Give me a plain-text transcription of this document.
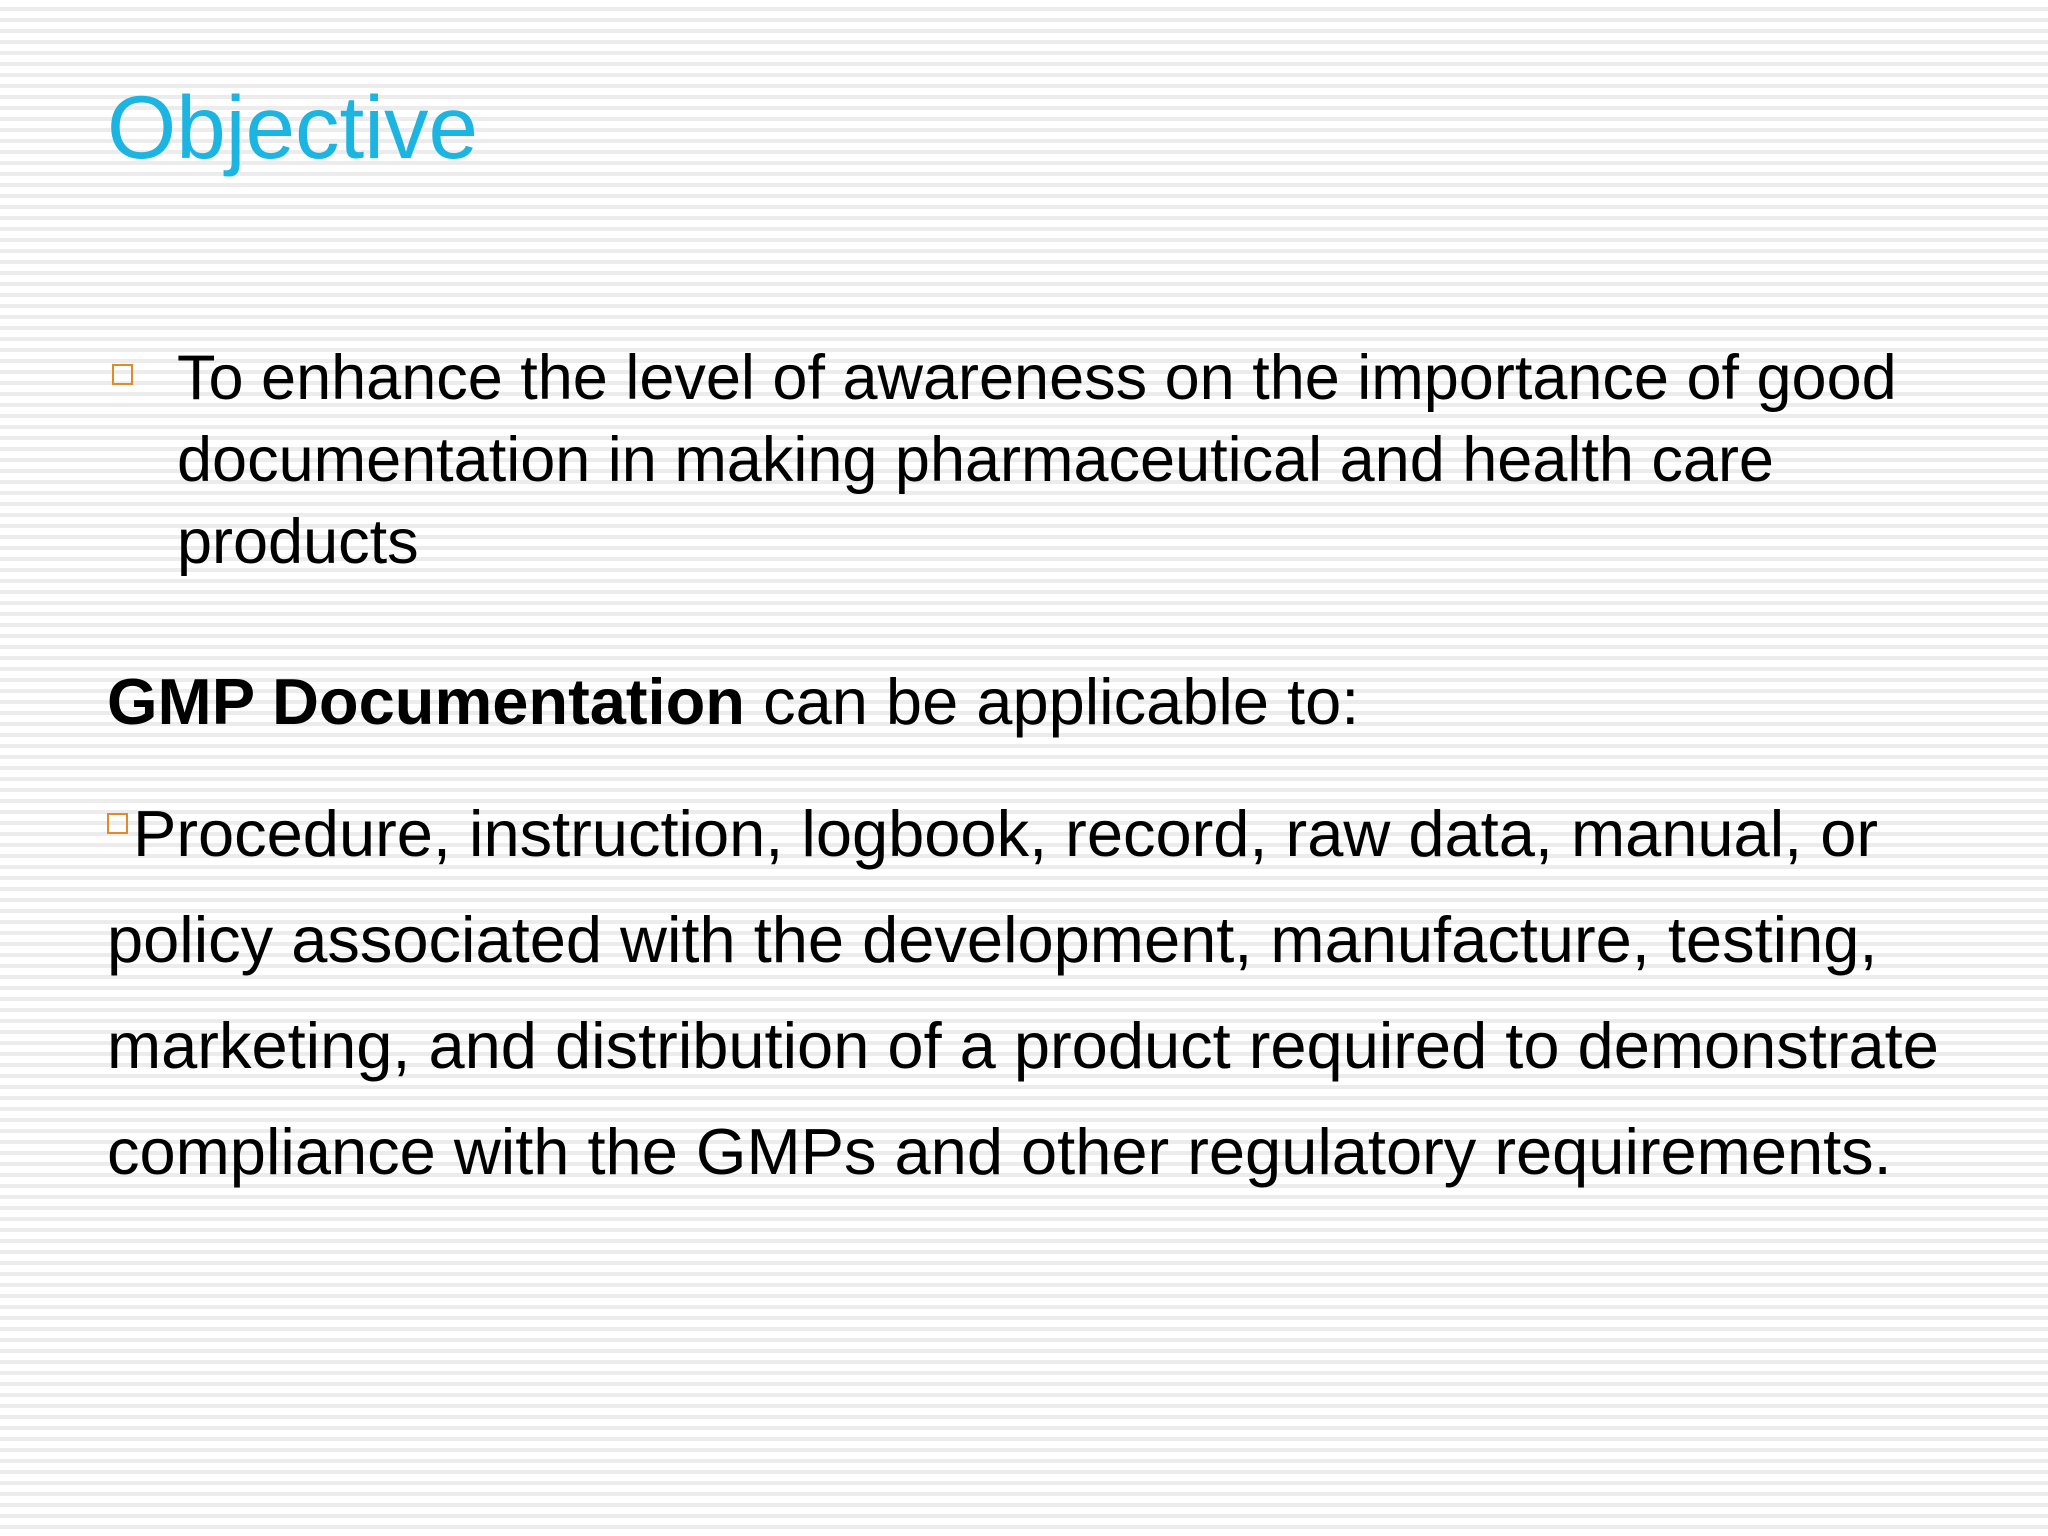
Objective
To enhance the level of awareness on the importance of good documentation in making pharmaceutical and health care products

GMP Documentation can be applicable to:

Procedure, instruction, logbook, record, raw data, manual, or policy associated with the development, manufacture, testing, marketing, and distribution of a product required to demonstrate compliance with the GMPs and other regulatory requirements.
